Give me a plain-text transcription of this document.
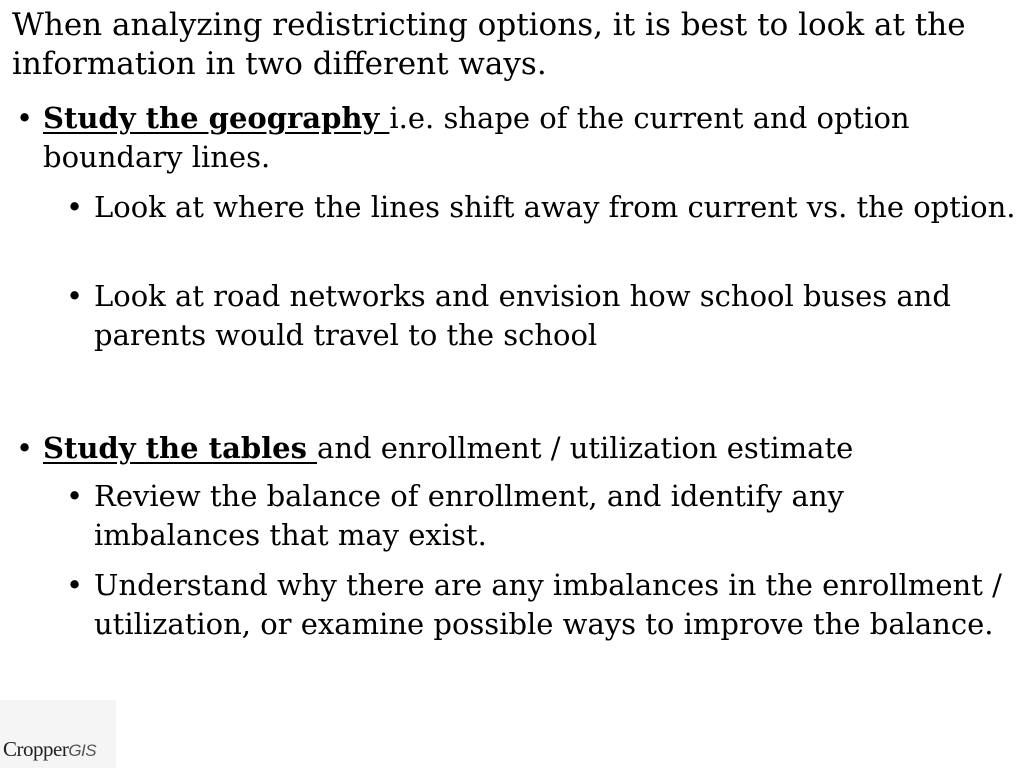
When analyzing redistricting options, it is best to look at the information in two different ways.

• Study the geography i.e. shape of the current and option boundary lines.
• Look at where the lines shift away from current vs. the option.
• Look at road networks and envision how school buses and parents would travel to the school
• Study the tables and enrollment / utilization estimate
• Review the balance of enrollment, and identify any imbalances that may exist.
• Understand why there are any imbalances in the enrollment / utilization, or examine possible ways to improve the balance.
CropperGIS
